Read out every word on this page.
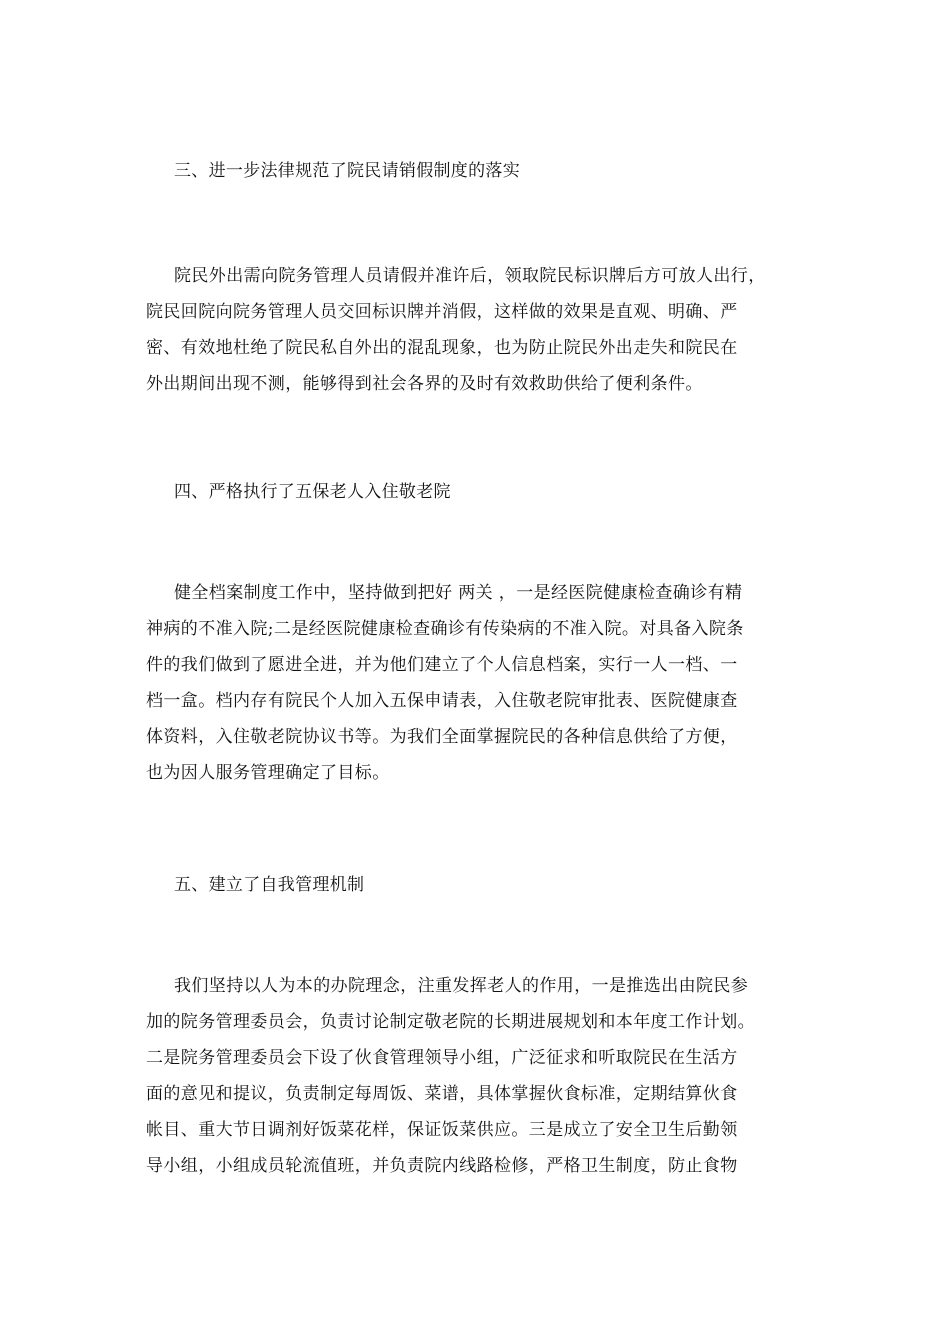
三、进一步法律规范了院民请销假制度的落实
院民外出需向院务管理人员请假并准许后，领取院民标识牌后方可放人出行，
院民回院向院务管理人员交回标识牌并消假，这样做的效果是直观、明确、严
密、有效地杜绝了院民私自外出的混乱现象，也为防止院民外出走失和院民在
外出期间出现不测，能够得到社会各界的及时有效救助供给了便利条件。
四、严格执行了五保老人入住敬老院
健全档案制度工作中，坚持做到把好 两关 ，一是经医院健康检查确诊有精
神病的不准入院;二是经医院健康检查确诊有传染病的不准入院。对具备入院条
件的我们做到了愿进全进，并为他们建立了个人信息档案，实行一人一档、一
档一盒。档内存有院民个人加入五保申请表，入住敬老院审批表、医院健康查
体资料，入住敬老院协议书等。为我们全面掌握院民的各种信息供给了方便，
也为因人服务管理确定了目标。
五、建立了自我管理机制
我们坚持以人为本的办院理念，注重发挥老人的作用，一是推选出由院民参
加的院务管理委员会，负责讨论制定敬老院的长期进展规划和本年度工作计划。
二是院务管理委员会下设了伙食管理领导小组，广泛征求和听取院民在生活方
面的意见和提议，负责制定每周饭、菜谱，具体掌握伙食标准，定期结算伙食
帐目、重大节日调剂好饭菜花样，保证饭菜供应。三是成立了安全卫生后勤领
导小组，小组成员轮流值班，并负责院内线路检修，严格卫生制度，防止食物
